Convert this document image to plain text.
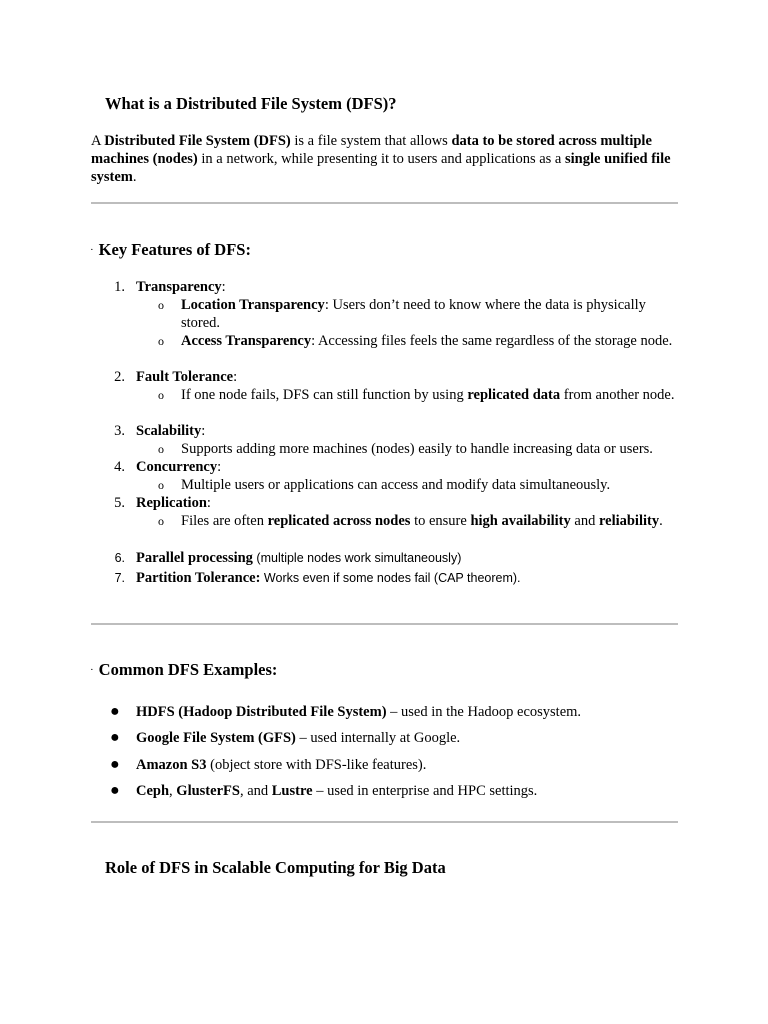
What is a Distributed File System (DFS)?
A Distributed File System (DFS) is a file system that allows data to be stored across multiple machines (nodes) in a network, while presenting it to users and applications as a single unified file system.
· Key Features of DFS:
1. Transparency:
o Location Transparency: Users don’t need to know where the data is physically stored.
o Access Transparency: Accessing files feels the same regardless of the storage node.
2. Fault Tolerance:
o If one node fails, DFS can still function by using replicated data from another node.
3. Scalability:
o Supports adding more machines (nodes) easily to handle increasing data or users.
4. Concurrency:
o Multiple users or applications can access and modify data simultaneously.
5. Replication:
o Files are often replicated across nodes to ensure high availability and reliability.
6. Parallel processing (multiple nodes work simultaneously)
7. Partition Tolerance: Works even if some nodes fail (CAP theorem).
· Common DFS Examples:
● HDFS (Hadoop Distributed File System) – used in the Hadoop ecosystem.
● Google File System (GFS) – used internally at Google.
● Amazon S3 (object store with DFS-like features).
● Ceph, GlusterFS, and Lustre – used in enterprise and HPC settings.
Role of DFS in Scalable Computing for Big Data
